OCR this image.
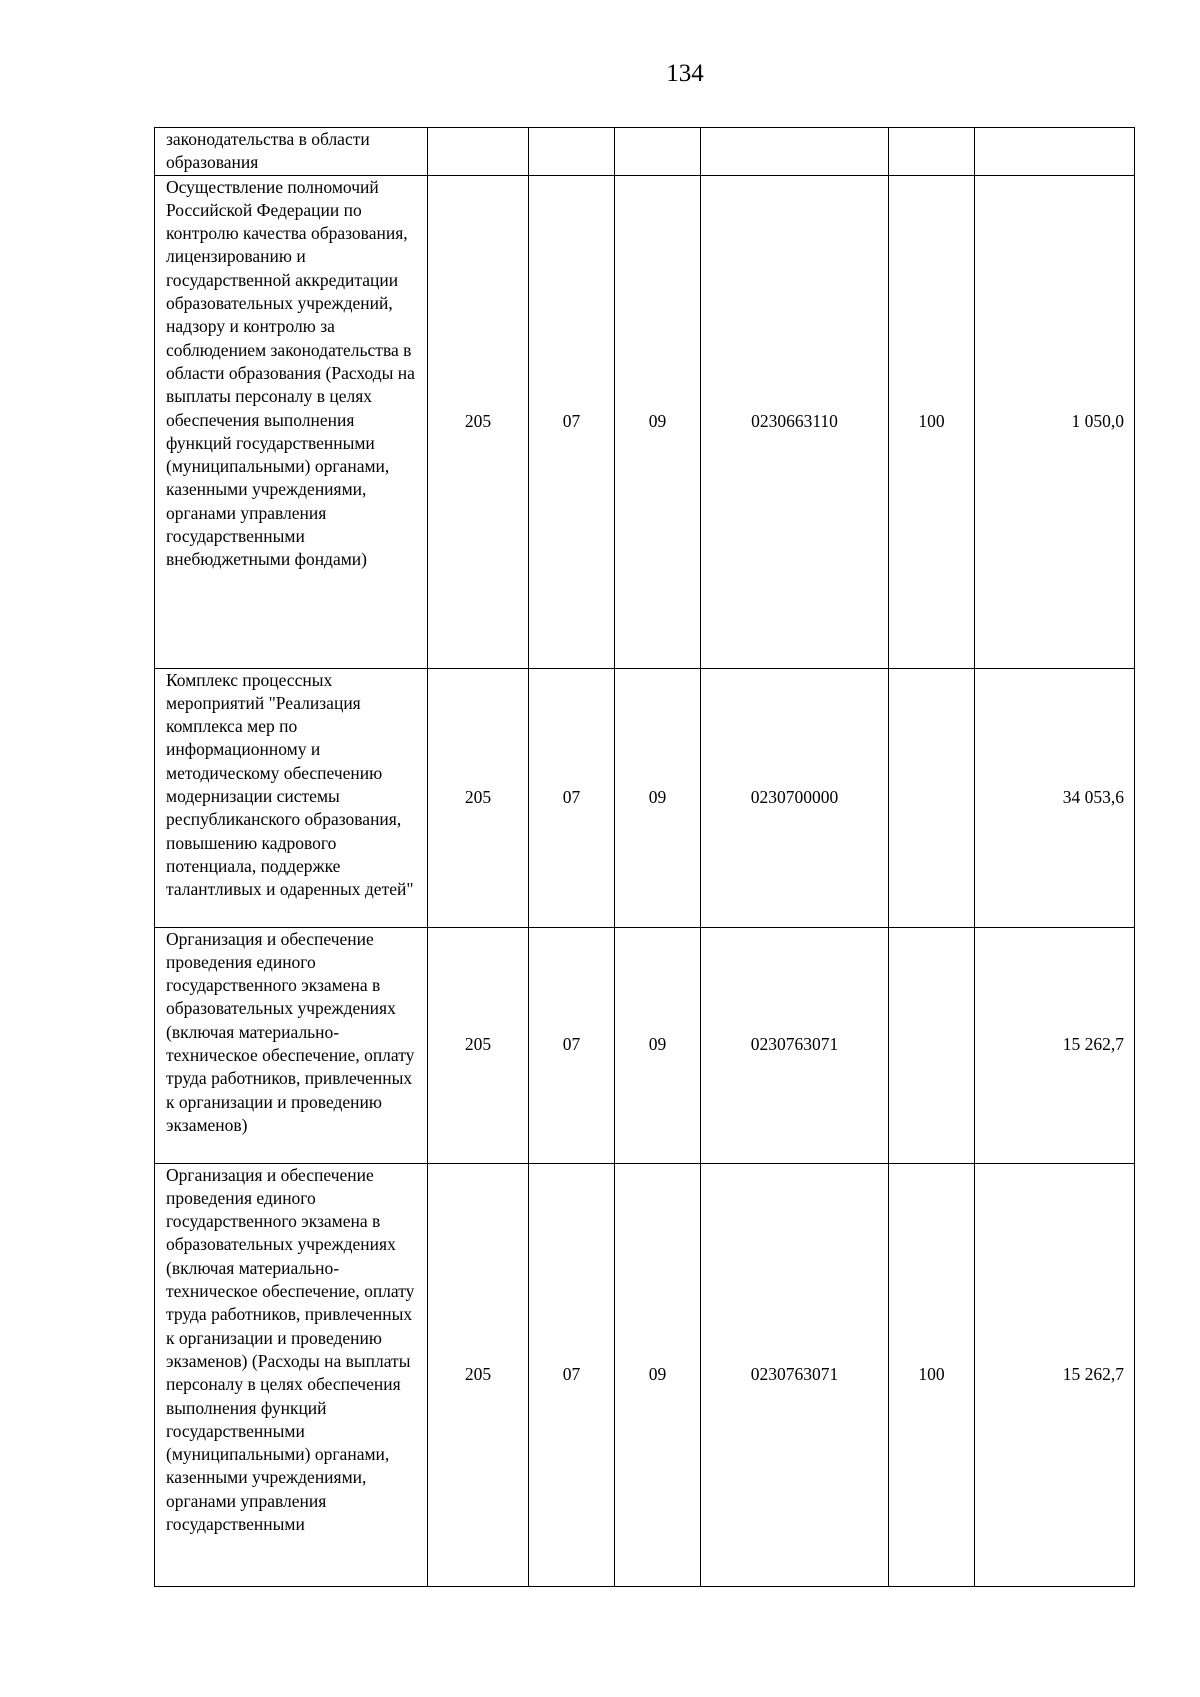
134
законодательства в области образования						
Осуществление полномочий Российской Федерации по контролю качества образования, лицензированию и государственной аккредитации образовательных учреждений, надзору и контролю за соблюдением законодательства в области образования (Расходы на выплаты персоналу в целях обеспечения выполнения функций государственными (муниципальными) органами, казенными учреждениями, органами управления государственными внебюджетными фондами)	205	07	09	0230663110	100	1 050,0
Комплекс процессных мероприятий "Реализация комплекса мер по информационному и методическому обеспечению модернизации системы республиканского образования, повышению кадрового потенциала, поддержке талантливых и одаренных детей"	205	07	09	0230700000		34 053,6
Организация и обеспечение проведения единого государственного экзамена в образовательных учреждениях (включая материально-техническое обеспечение, оплату труда работников, привлеченных к организации и проведению экзаменов)	205	07	09	0230763071		15 262,7
Организация и обеспечение проведения единого государственного экзамена в образовательных учреждениях (включая материально-техническое обеспечение, оплату труда работников, привлеченных к организации и проведению экзаменов) (Расходы на выплаты персоналу в целях обеспечения выполнения функций государственными (муниципальными) органами, казенными учреждениями, органами управления государственными	205	07	09	0230763071	100	15 262,7
